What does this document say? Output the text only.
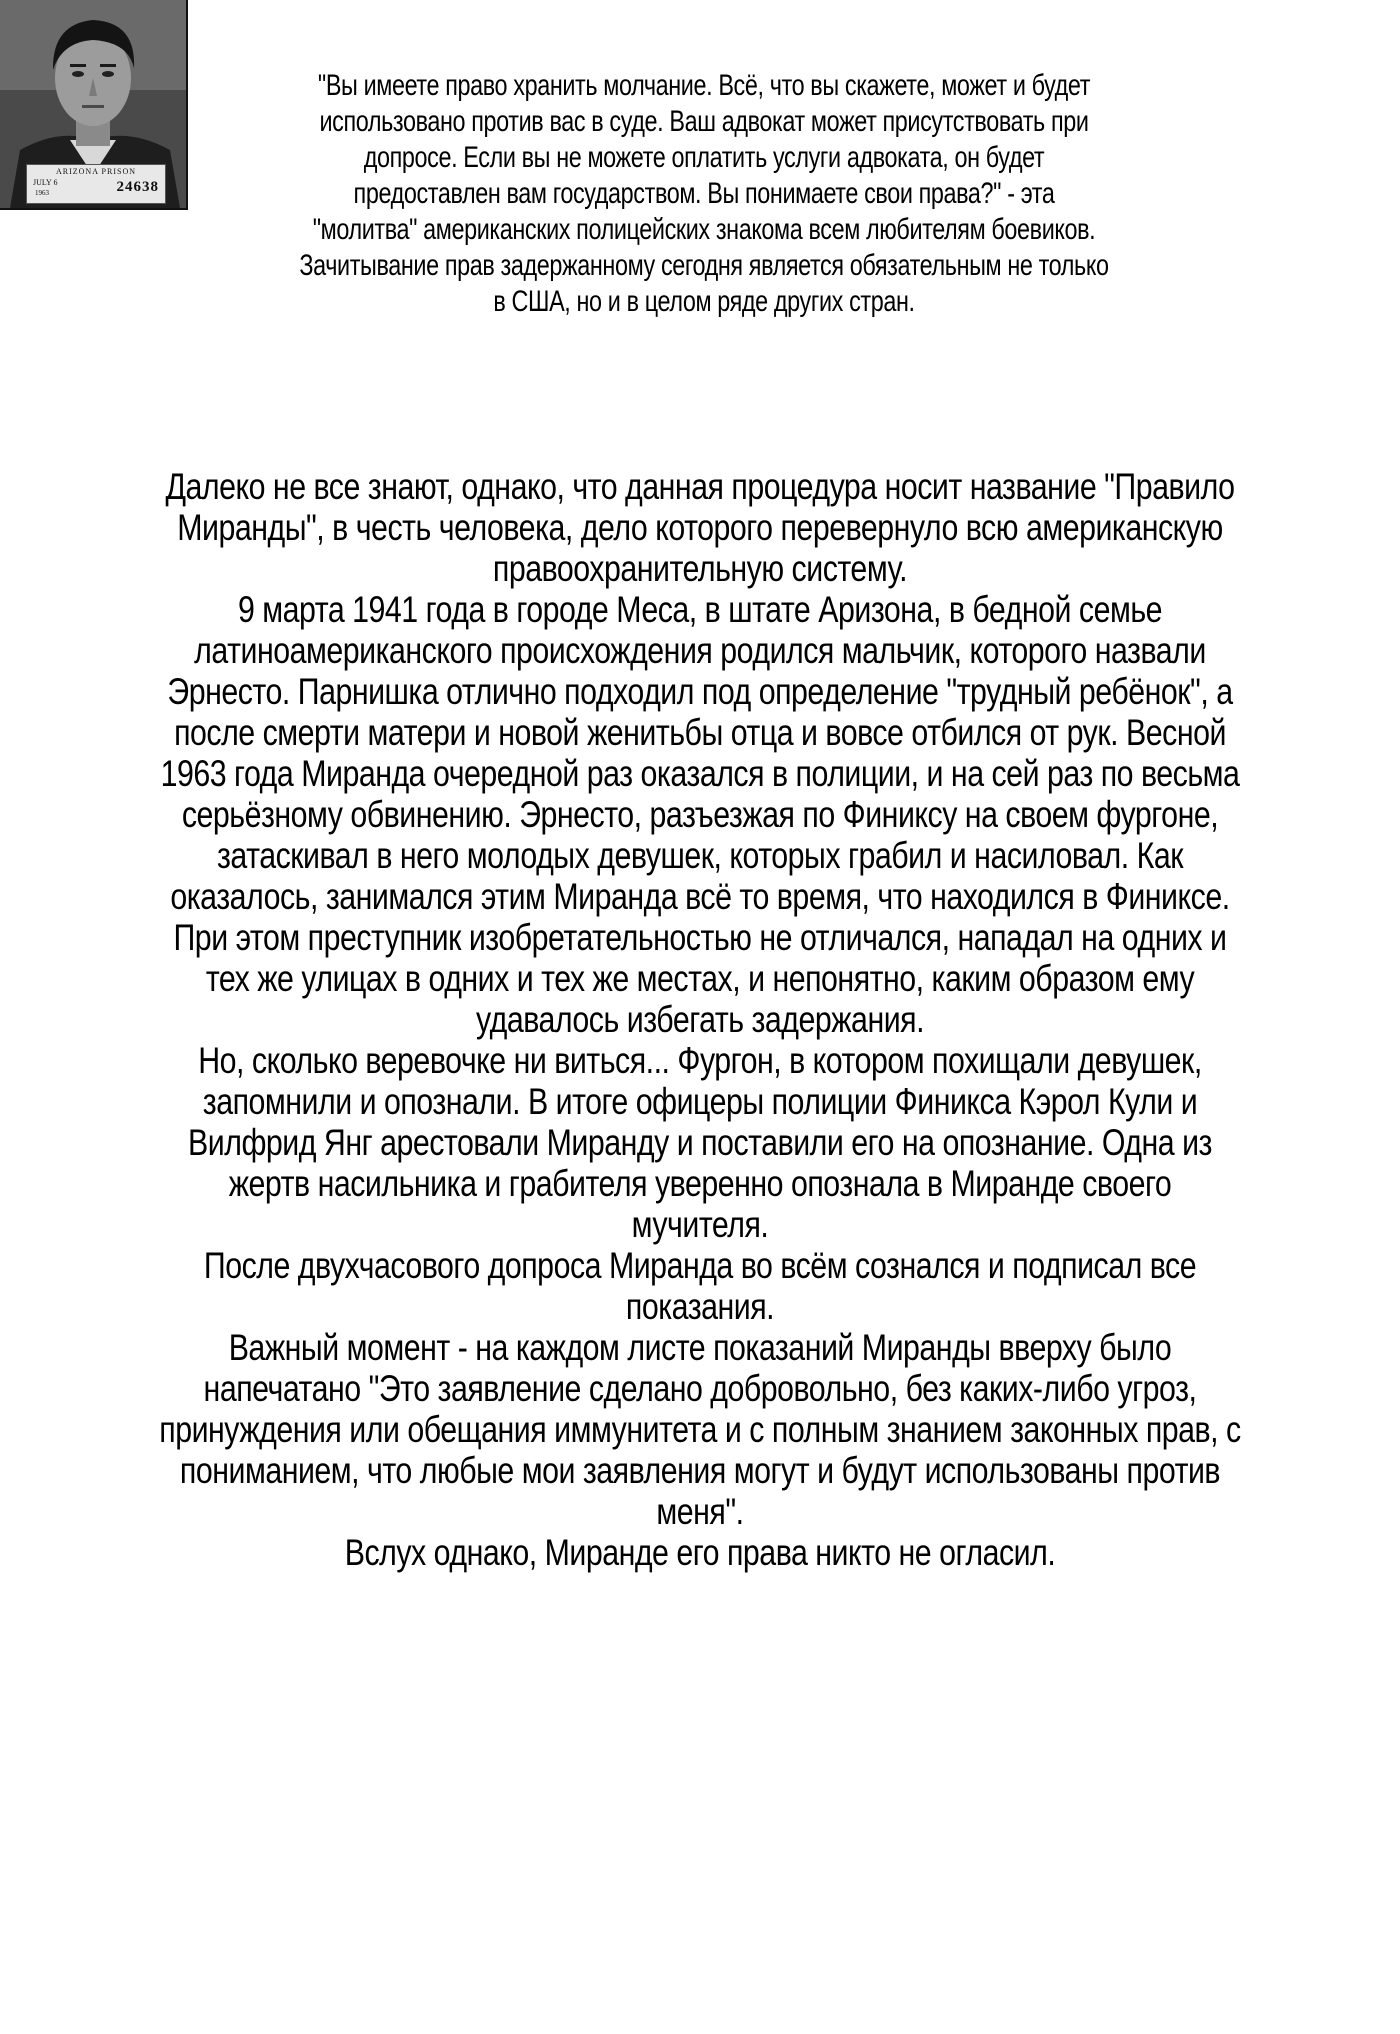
ARIZONA PRISON
JULY 6
1963	24638

"Вы имеете право хранить молчание. Всё, что вы скажете, может и будет использовано против вас в суде. Ваш адвокат может присутствовать при допросе. Если вы не можете оплатить услуги адвоката, он будет предоставлен вам государством. Вы понимаете свои права?" - эта "молитва" американских полицейских знакома всем любителям боевиков. Зачитывание прав задержанному сегодня является обязательным не только в США, но и в целом ряде других стран.

Далеко не все знают, однако, что данная процедура носит название "Правило Миранды", в честь человека, дело которого перевернуло всю американскую правоохранительную систему.

9 марта 1941 года в городе Меса, в штате Аризона, в бедной семье латиноамериканского происхождения родился мальчик, которого назвали Эрнесто. Парнишка отлично подходил под определение "трудный ребёнок", а после смерти матери и новой женитьбы отца и вовсе отбился от рук. Весной 1963 года Миранда очередной раз оказался в полиции, и на сей раз по весьма серьёзному обвинению. Эрнесто, разъезжая по Финиксу на своем фургоне, затаскивал в него молодых девушек, которых грабил и насиловал. Как оказалось, занимался этим Миранда всё то время, что находился в Финиксе. При этом преступник изобретательностью не отличался, нападал на одних и тех же улицах в одних и тех же местах, и непонятно, каким образом ему удавалось избегать задержания.

Но, сколько веревочке ни виться... Фургон, в котором похищали девушек, запомнили и опознали. В итоге офицеры полиции Финикса Кэрол Кули и Вилфрид Янг арестовали Миранду и поставили его на опознание. Одна из жертв насильника и грабителя уверенно опознала в Миранде своего мучителя.

После двухчасового допроса Миранда во всём сознался и подписал все показания.

Важный момент - на каждом листе показаний Миранды вверху было напечатано "Это заявление сделано добровольно, без каких-либо угроз, принуждения или обещания иммунитета и с полным знанием законных прав, с пониманием, что любые мои заявления могут и будут использованы против меня".

Вслух однако, Миранде его права никто не огласил.
